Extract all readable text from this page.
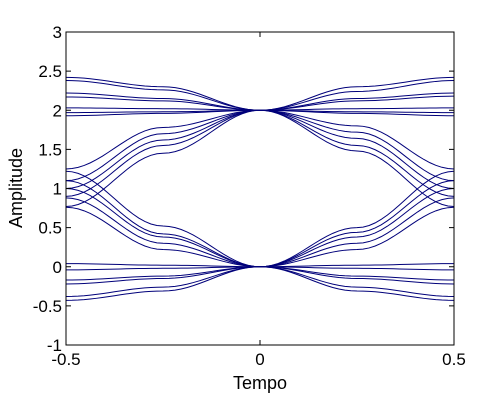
-0.5	0	0.5
-1
-0.5
0
0.5
1
1.5
2
2.5
3
Tempo
Amplitude
